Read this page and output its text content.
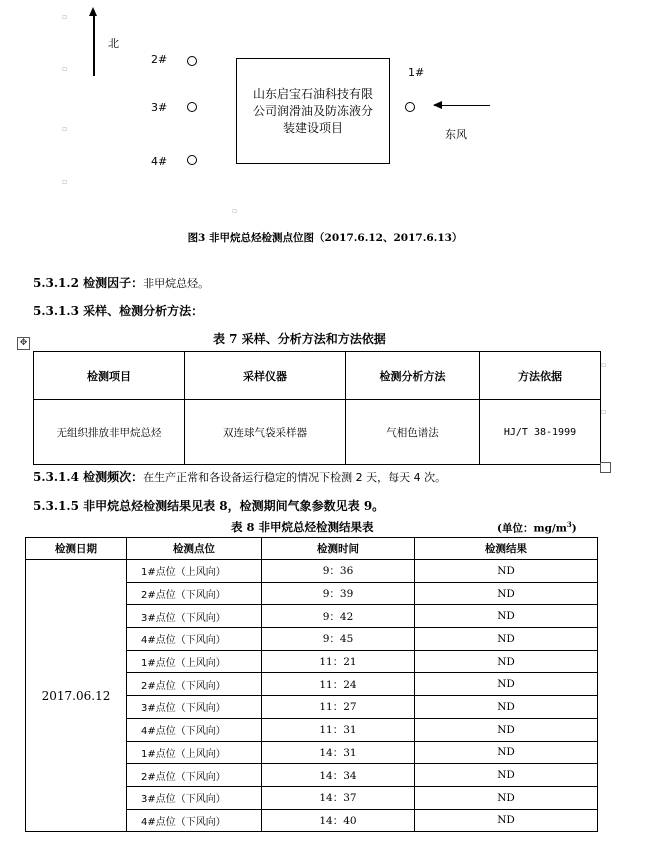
北
2#
3#
4#
山东启宝石油科技有限公司润滑油及防冻液分装建设项目
1#
东风
图3 非甲烷总烃检测点位图（2017.6.12、2017.6.13）
5.3.1.2 检测因子：非甲烷总烃。
5.3.1.3 采样、检测分析方法：
✥	表 7 采样、分析方法和方法依据
检测项目	采样仪器	检测分析方法	方法依据
无组织排放非甲烷总烃	双连球气袋采样器	气相色谱法	HJ/T 38-1999
5.3.1.4 检测频次：在生产正常和各设备运行稳定的情况下检测 2 天，每天 4 次。
5.3.1.5 非甲烷总烃检测结果见表 8，检测期间气象参数见表 9。
表 8 非甲烷总烃检测结果表	(单位：$mg/m^3$)
检测日期	检测点位	检测时间	检测结果
2017.06.12	1#点位（上风向）	9：36	ND
	2#点位（下风向）	9：39	ND
	3#点位（下风向）	9：42	ND
	4#点位（下风向）	9：45	ND
	1#点位（上风向）	11：21	ND
	2#点位（下风向）	11：24	ND
	3#点位（下风向）	11：27	ND
	4#点位（下风向）	11：31	ND
	1#点位（上风向）	14：31	ND
	2#点位（下风向）	14：34	ND
	3#点位（下风向）	14：37	ND
	4#点位（下风向）	14：40	ND
▫
▫
▫
▫
▫
▫
▫
